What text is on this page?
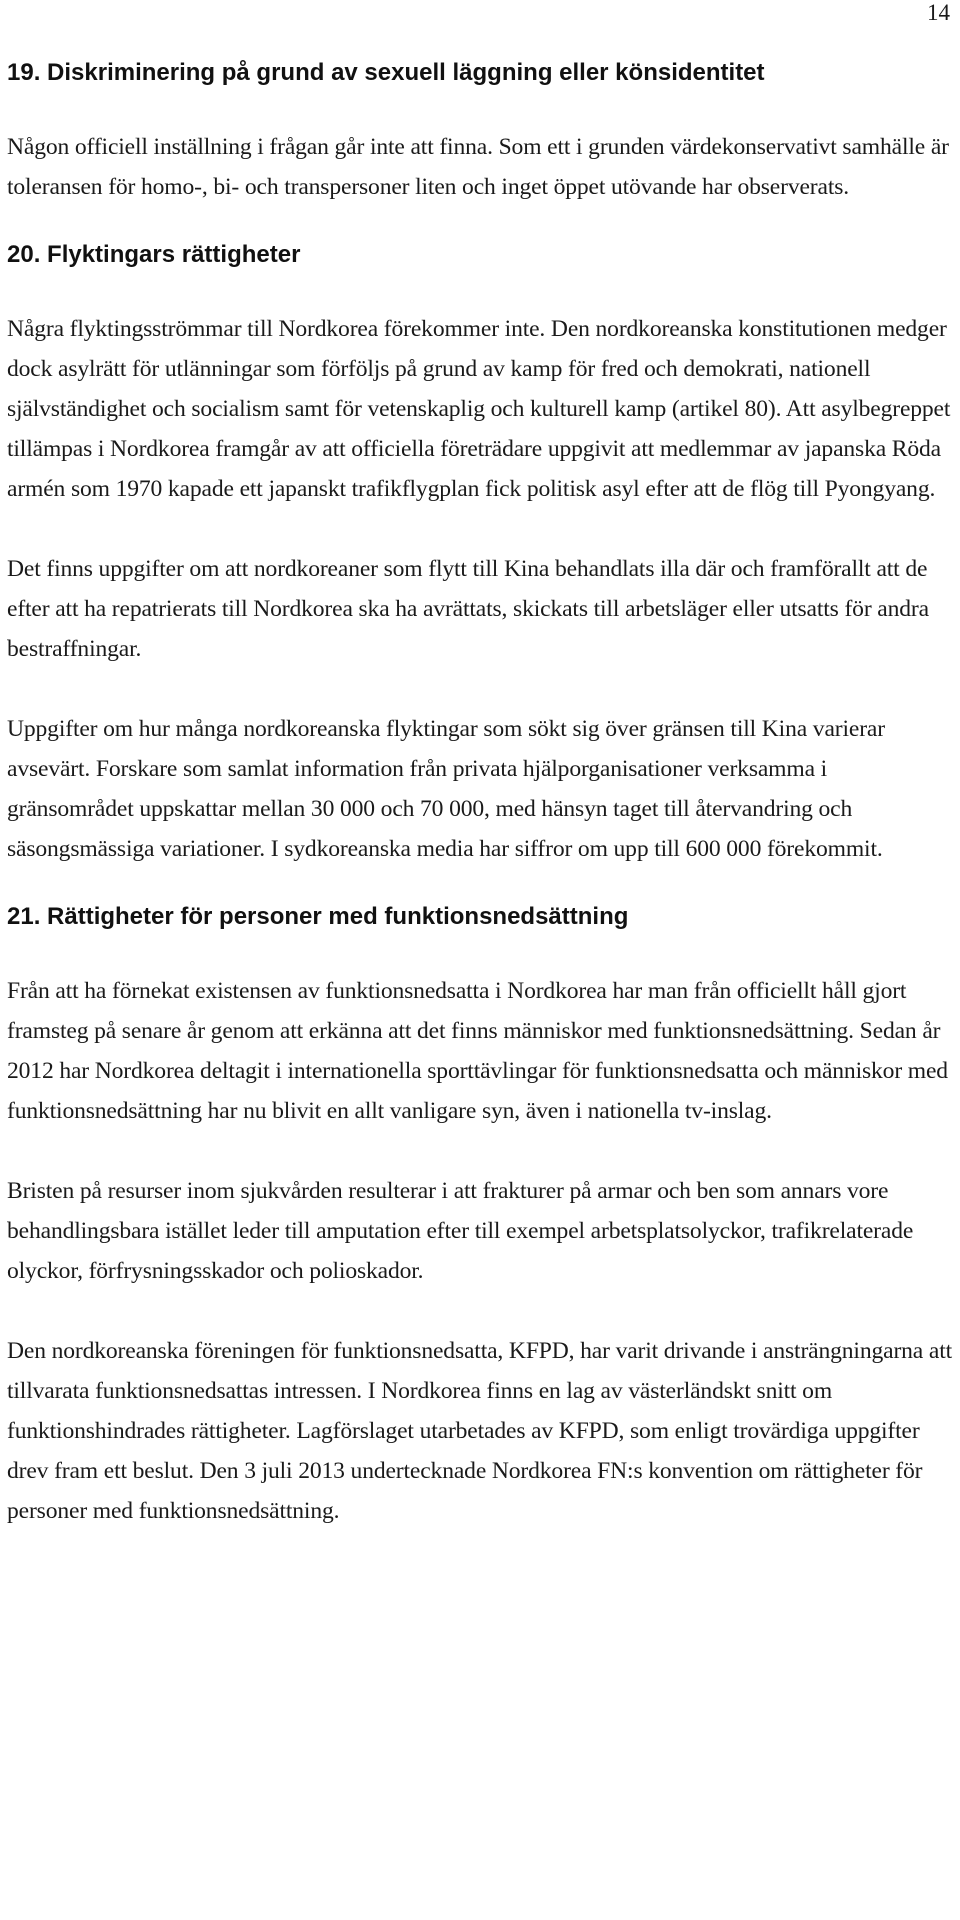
14
19. Diskriminering på grund av sexuell läggning eller könsidentitet

Någon officiell inställning i frågan går inte att finna. Som ett i grunden värdekonservativt samhälle är toleransen för homo-, bi- och transpersoner liten och inget öppet utövande har observerats.

20. Flyktingars rättigheter

Några flyktingsströmmar till Nordkorea förekommer inte. Den nordkoreanska konstitutionen medger dock asylrätt för utlänningar som förföljs på grund av kamp för fred och demokrati, nationell självständighet och socialism samt för vetenskaplig och kulturell kamp (artikel 80). Att asylbegreppet tillämpas i Nordkorea framgår av att officiella företrädare uppgivit att medlemmar av japanska Röda armén som 1970 kapade ett japanskt trafikflygplan fick politisk asyl efter att de flög till Pyongyang.

Det finns uppgifter om att nordkoreaner som flytt till Kina behandlats illa där och framförallt att de efter att ha repatrierats till Nordkorea ska ha avrättats, skickats till arbetsläger eller utsatts för andra bestraffningar.

Uppgifter om hur många nordkoreanska flyktingar som sökt sig över gränsen till Kina varierar avsevärt. Forskare som samlat information från privata hjälporganisationer verksamma i gränsområdet uppskattar mellan 30 000 och 70 000, med hänsyn taget till återvandring och säsongsmässiga variationer. I sydkoreanska media har siffror om upp till 600 000 förekommit.

21. Rättigheter för personer med funktionsnedsättning

Från att ha förnekat existensen av funktionsnedsatta i Nordkorea har man från officiellt håll gjort framsteg på senare år genom att erkänna att det finns människor med funktionsnedsättning. Sedan år 2012 har Nordkorea deltagit i internationella sporttävlingar för funktionsnedsatta och människor med funktionsnedsättning har nu blivit en allt vanligare syn, även i nationella tv-inslag.

Bristen på resurser inom sjukvården resulterar i att frakturer på armar och ben som annars vore behandlingsbara istället leder till amputation efter till exempel arbetsplatsolyckor, trafikrelaterade olyckor, förfrysningsskador och polioskador.

Den nordkoreanska föreningen för funktionsnedsatta, KFPD, har varit drivande i ansträngningarna att tillvarata funktionsnedsattas intressen. I Nordkorea finns en lag av västerländskt snitt om funktionshindrades rättigheter. Lagförslaget utarbetades av KFPD, som enligt trovärdiga uppgifter drev fram ett beslut. Den 3 juli 2013 undertecknade Nordkorea FN:s konvention om rättigheter för personer med funktionsnedsättning.
